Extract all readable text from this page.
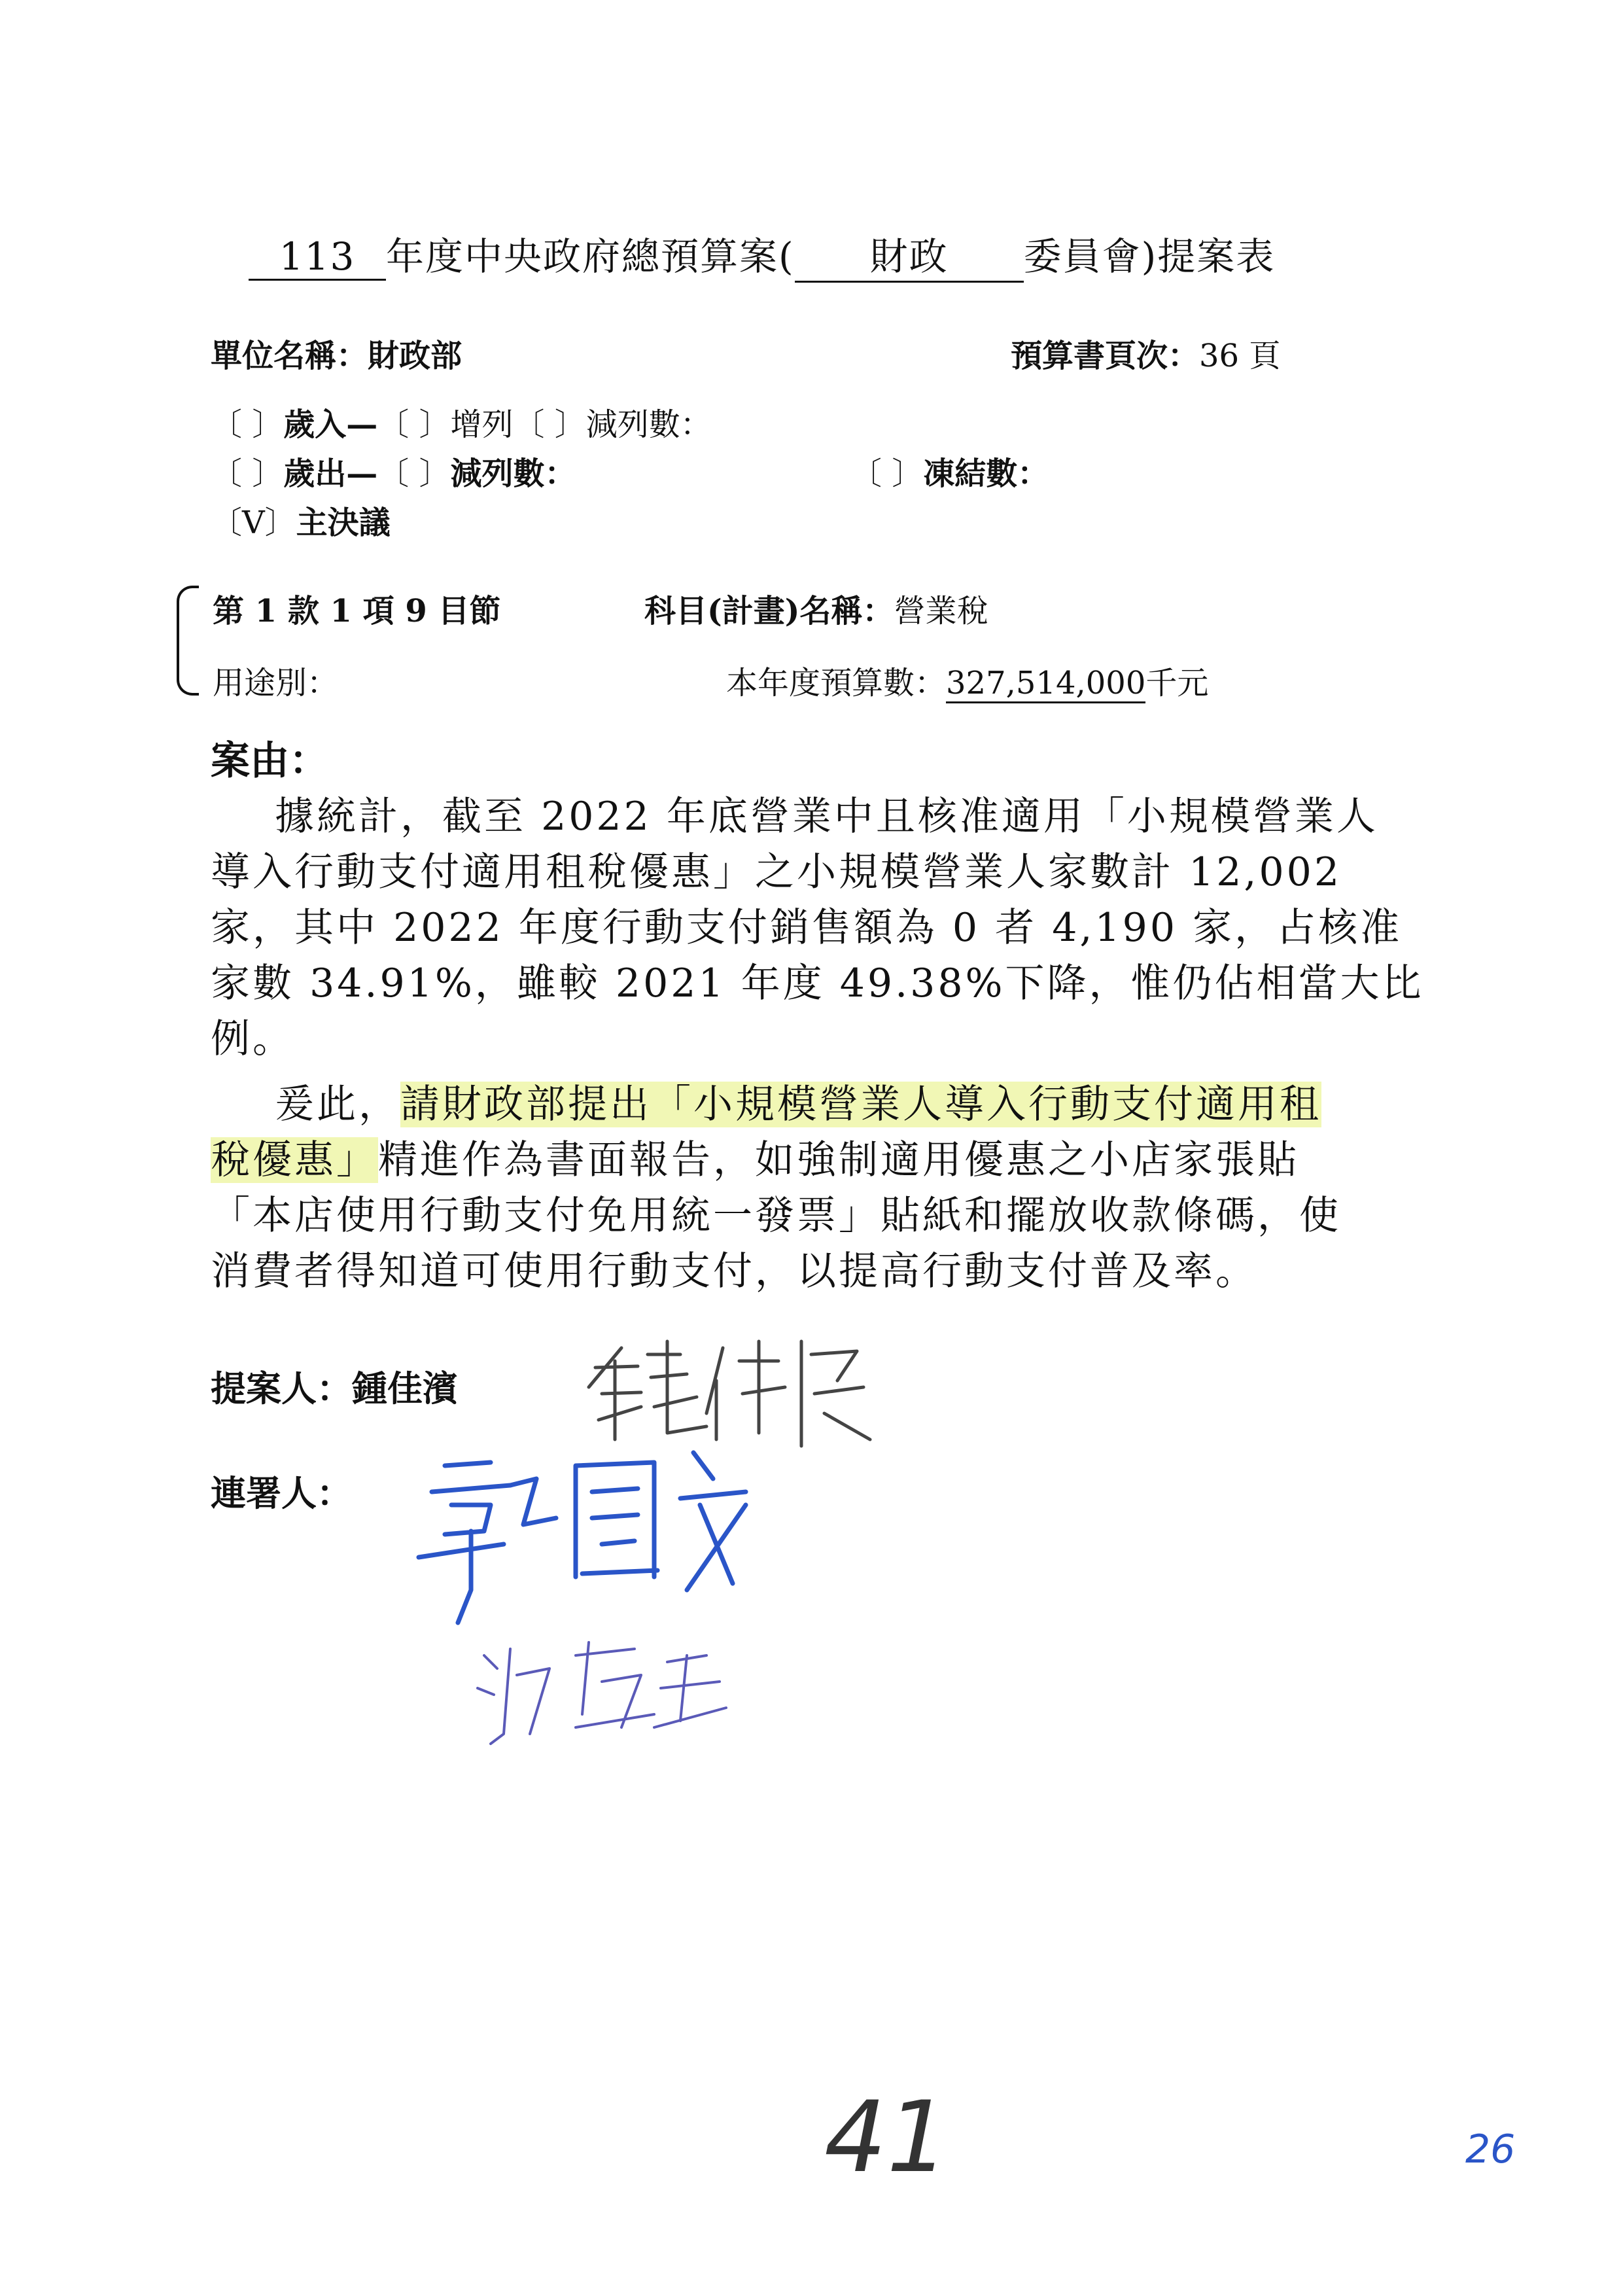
113 年度中央政府總預算案( 財政 委員會)提案表
單位名稱：財政部	預算書頁次：36 頁
〔 〕歲入—〔 〕增列〔 〕減列數：
〔 〕歲出—〔 〕減列數：	〔 〕凍結數：
〔V〕主決議
第 1 款 1 項 9 目節	科目(計畫)名稱：營業稅
用途別：	本年度預算數：327,514,000千元
案由：
據統計，截至 2022 年底營業中且核准適用「小規模營業人
導入行動支付適用租稅優惠」之小規模營業人家數計 12,002
家，其中 2022 年度行動支付銷售額為 0 者 4,190 家，占核准
家數 34.91%，雖較 2021 年度 49.38%下降，惟仍佔相當大比
例。
爰此，請財政部提出「小規模營業人導入行動支付適用租
稅優惠」精進作為書面報告，如強制適用優惠之小店家張貼
「本店使用行動支付免用統一發票」貼紙和擺放收款條碼，使
消費者得知道可使用行動支付，以提高行動支付普及率。
提案人：鍾佳濱
連署人：
41	26
